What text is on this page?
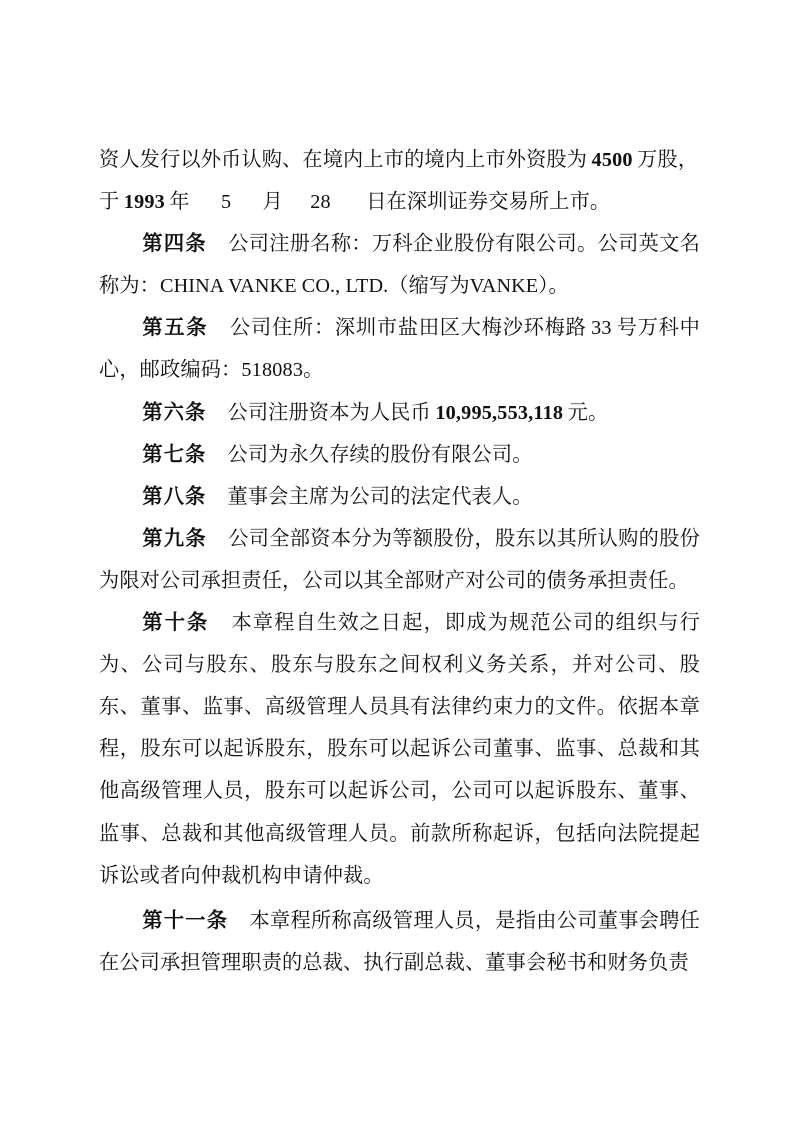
资人发行以外币认购、在境内上市的境内上市外资股为 4500 万股，

于 1993 年 5 月 28 日在深圳证券交易所上市。

第四条 公司注册名称：万科企业股份有限公司。公司英文名称为：CHINA VANKE CO., LTD.（缩写为VANKE）。

第五条 公司住所：深圳市盐田区大梅沙环梅路 33 号万科中心，邮政编码：518083。

第六条 公司注册资本为人民币 10,995,553,118 元。

第七条 公司为永久存续的股份有限公司。

第八条 董事会主席为公司的法定代表人。

第九条 公司全部资本分为等额股份，股东以其所认购的股份为限对公司承担责任，公司以其全部财产对公司的债务承担责任。

第十条 本章程自生效之日起，即成为规范公司的组织与行为、公司与股东、股东与股东之间权利义务关系，并对公司、股东、董事、监事、高级管理人员具有法律约束力的文件。依据本章程，股东可以起诉股东，股东可以起诉公司董事、监事、总裁和其他高级管理人员，股东可以起诉公司，公司可以起诉股东、董事、监事、总裁和其他高级管理人员。前款所称起诉，包括向法院提起诉讼或者向仲裁机构申请仲裁。

第十一条 本章程所称高级管理人员，是指由公司董事会聘任在公司承担管理职责的总裁、执行副总裁、董事会秘书和财务负责
